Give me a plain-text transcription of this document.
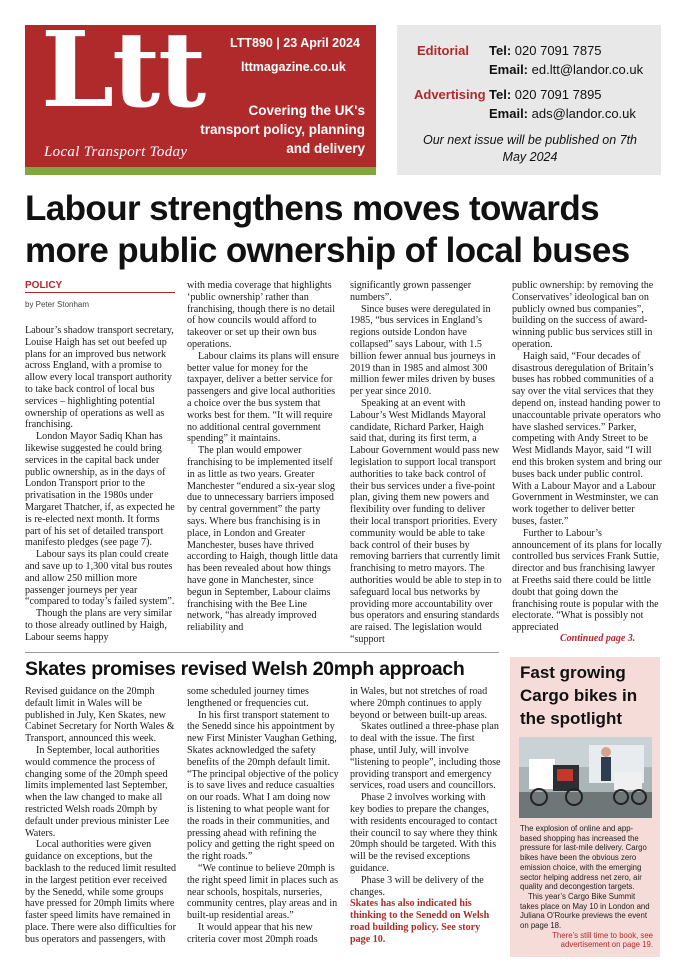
Ltt
Local Transport Today
LTT890 | 23 April 2024
lttmagazine.co.uk
Covering the UK's transport policy, planning and delivery
Editorial Tel: 020 7091 7875
Email: ed.ltt@landor.co.uk
Advertising Tel: 020 7091 7895
Email: ads@landor.co.uk
Our next issue will be published on 7th May 2024
Labour strengthens moves towards more public ownership of local buses
POLICY
by Peter Stonham

Labour’s shadow transport secretary, Louise Haigh has set out beefed up plans for an improved bus network across England, with a promise to allow every local transport authority to take back control of local bus services – highlighting potential ownership of operations as well as franchising.

London Mayor Sadiq Khan has likewise suggested he could bring services in the capital back under public ownership, as in the days of London Transport prior to the privatisation in the 1980s under Margaret Thatcher, if, as expected he is re-elected next month. It forms part of his set of detailed transport manifesto pledges (see page 7).

Labour says its plan could create and save up to 1,300 vital bus routes and allow 250 million more passenger journeys per year “compared to today’s failed system”.

Though the plans are very similar to those already outlined by Haigh, Labour seems happy

with media coverage that highlights ‘public ownership’ rather than franchising, though there is no detail of how councils would afford to takeover or set up their own bus operations.

Labour claims its plans will ensure better value for money for the taxpayer, deliver a better service for passengers and give local authorities a choice over the bus system that works best for them. “It will require no additional central government spending” it maintains.

The plan would empower franchising to be implemented itself in as little as two years. Greater Manchester “endured a six-year slog due to unnecessary barriers imposed by central government” the party says. Where bus franchising is in place, in London and Greater Manchester, buses have thrived according to Haigh, though little data has been revealed about how things have gone in Manchester, since begun in September, Labour claims franchising with the Bee Line network, “has already improved reliability and

significantly grown passenger numbers”.

Since buses were deregulated in 1985, “bus services in England’s regions outside London have collapsed” says Labour, with 1.5 billion fewer annual bus journeys in 2019 than in 1985 and almost 300 million fewer miles driven by buses per year since 2010.

Speaking at an event with Labour’s West Midlands Mayoral candidate, Richard Parker, Haigh said that, during its first term, a Labour Government would pass new legislation to support local transport authorities to take back control of their bus services under a five-point plan, giving them new powers and flexibility over funding to deliver their local transport priorities. Every community would be able to take back control of their buses by removing barriers that currently limit franchising to metro mayors. The authorities would be able to step in to safeguard local bus networks by providing more accountability over bus operators and ensuring standards are raised. The legislation would “support

public ownership: by removing the Conservatives’ ideological ban on publicly owned bus companies”, building on the success of award-winning public bus services still in operation.

Haigh said, “Four decades of disastrous deregulation of Britain’s buses has robbed communities of a say over the vital services that they depend on, instead handing power to unaccountable private operators who have slashed services.” Parker, competing with Andy Street to be West Midlands Mayor, said “I will end this broken system and bring our buses back under public control. With a Labour Mayor and a Labour Government in Westminster, we can work together to deliver better buses, faster.”

Further to Labour’s announcement of its plans for locally controlled bus services Frank Suttie, director and bus franchising lawyer at Freeths said there could be little doubt that going down the franchising route is popular with the electorate. “What is possibly not appreciated

Continued page 3.
Skates promises revised Welsh 20mph approach

Revised guidance on the 20mph default limit in Wales will be published in July, Ken Skates, new Cabinet Secretary for North Wales & Transport, announced this week.

In September, local authorities would commence the process of changing some of the 20mph speed limits implemented last September, when the law changed to make all restricted Welsh roads 20mph by default under previous minister Lee Waters.

Local authorities were given guidance on exceptions, but the backlash to the reduced limit resulted in the largest petition ever received by the Senedd, while some groups have pressed for 20mph limits where faster speed limits have remained in place. There were also difficulties for bus operators and passengers, with

some scheduled journey times lengthened or frequencies cut.

In his first transport statement to the Senedd since his appointment by new First Minister Vaughan Gething, Skates acknowledged the safety benefits of the 20mph default limit. “The principal objective of the policy is to save lives and reduce casualties on our roads. What I am doing now is listening to what people want for the roads in their communities, and pressing ahead with refining the policy and getting the right speed on the right roads.”

“We continue to believe 20mph is the right speed limit in places such as near schools, hospitals, nurseries, community centres, play areas and in built-up residential areas.”

It would appear that his new criteria cover most 20mph roads

in Wales, but not stretches of road where 20mph continues to apply beyond or between built-up areas.

Skates outlined a three-phase plan to deal with the issue. The first phase, until July, will involve “listening to people”, including those providing transport and emergency services, road users and councillors.

Phase 2 involves working with key bodies to prepare the changes, with residents encouraged to contact their council to say where they think 20mph should be targeted. With this will be the revised exceptions guidance.

Phase 3 will be delivery of the changes.

Skates has also indicated his thinking to the Senedd on Welsh road building policy. See story page 10.

Fast growing Cargo bikes in the spotlight

The explosion of online and app-based shopping has increased the pressure for last-mile delivery. Cargo bikes have been the obvious zero emission choice, with the emerging sector helping address net zero, air quality and decongestion targets.

This year’s Cargo Bike Summit takes place on May 10 in London and Juliana O’Rourke previews the event on page 18.

There’s still time to book, see advertisement on page 19.
